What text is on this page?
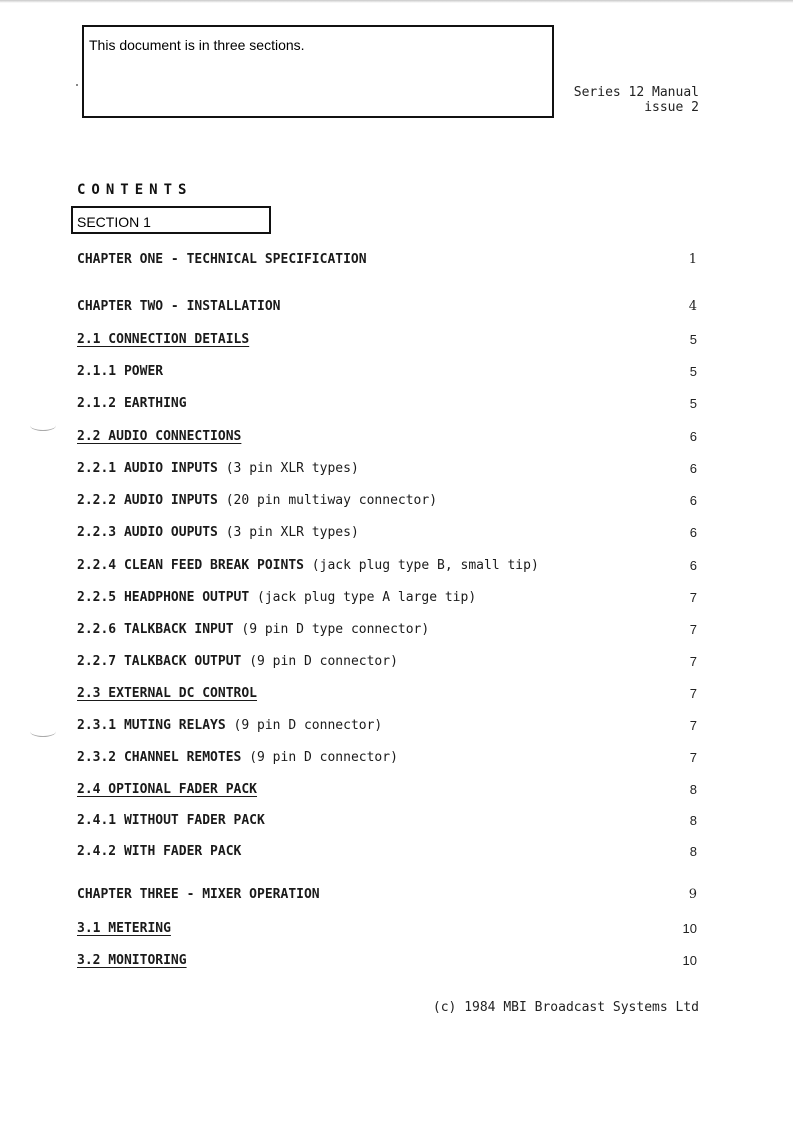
This document is in three sections.
Series 12 Manual
issue 2
CONTENTS
SECTION 1
CHAPTER ONE - TECHNICAL SPECIFICATION	1
CHAPTER TWO - INSTALLATION	4
2.1 CONNECTION DETAILS	5
2.1.1 POWER	5
2.1.2 EARTHING	5
2.2 AUDIO CONNECTIONS	6
2.2.1 AUDIO INPUTS (3 pin XLR types)	6
2.2.2 AUDIO INPUTS (20 pin multiway connector)	6
2.2.3 AUDIO OUPUTS (3 pin XLR types)	6
2.2.4 CLEAN FEED BREAK POINTS (jack plug type B, small tip)	6
2.2.5 HEADPHONE OUTPUT (jack plug type A large tip)	7
2.2.6 TALKBACK INPUT (9 pin D type connector)	7
2.2.7 TALKBACK OUTPUT (9 pin D connector)	7
2.3 EXTERNAL DC CONTROL	7
2.3.1 MUTING RELAYS (9 pin D connector)	7
2.3.2 CHANNEL REMOTES (9 pin D connector)	7
2.4 OPTIONAL FADER PACK	8
2.4.1 WITHOUT FADER PACK	8
2.4.2 WITH FADER PACK	8
CHAPTER THREE - MIXER OPERATION	9
3.1 METERING	10
3.2 MONITORING	10
(c) 1984 MBI Broadcast Systems Ltd
